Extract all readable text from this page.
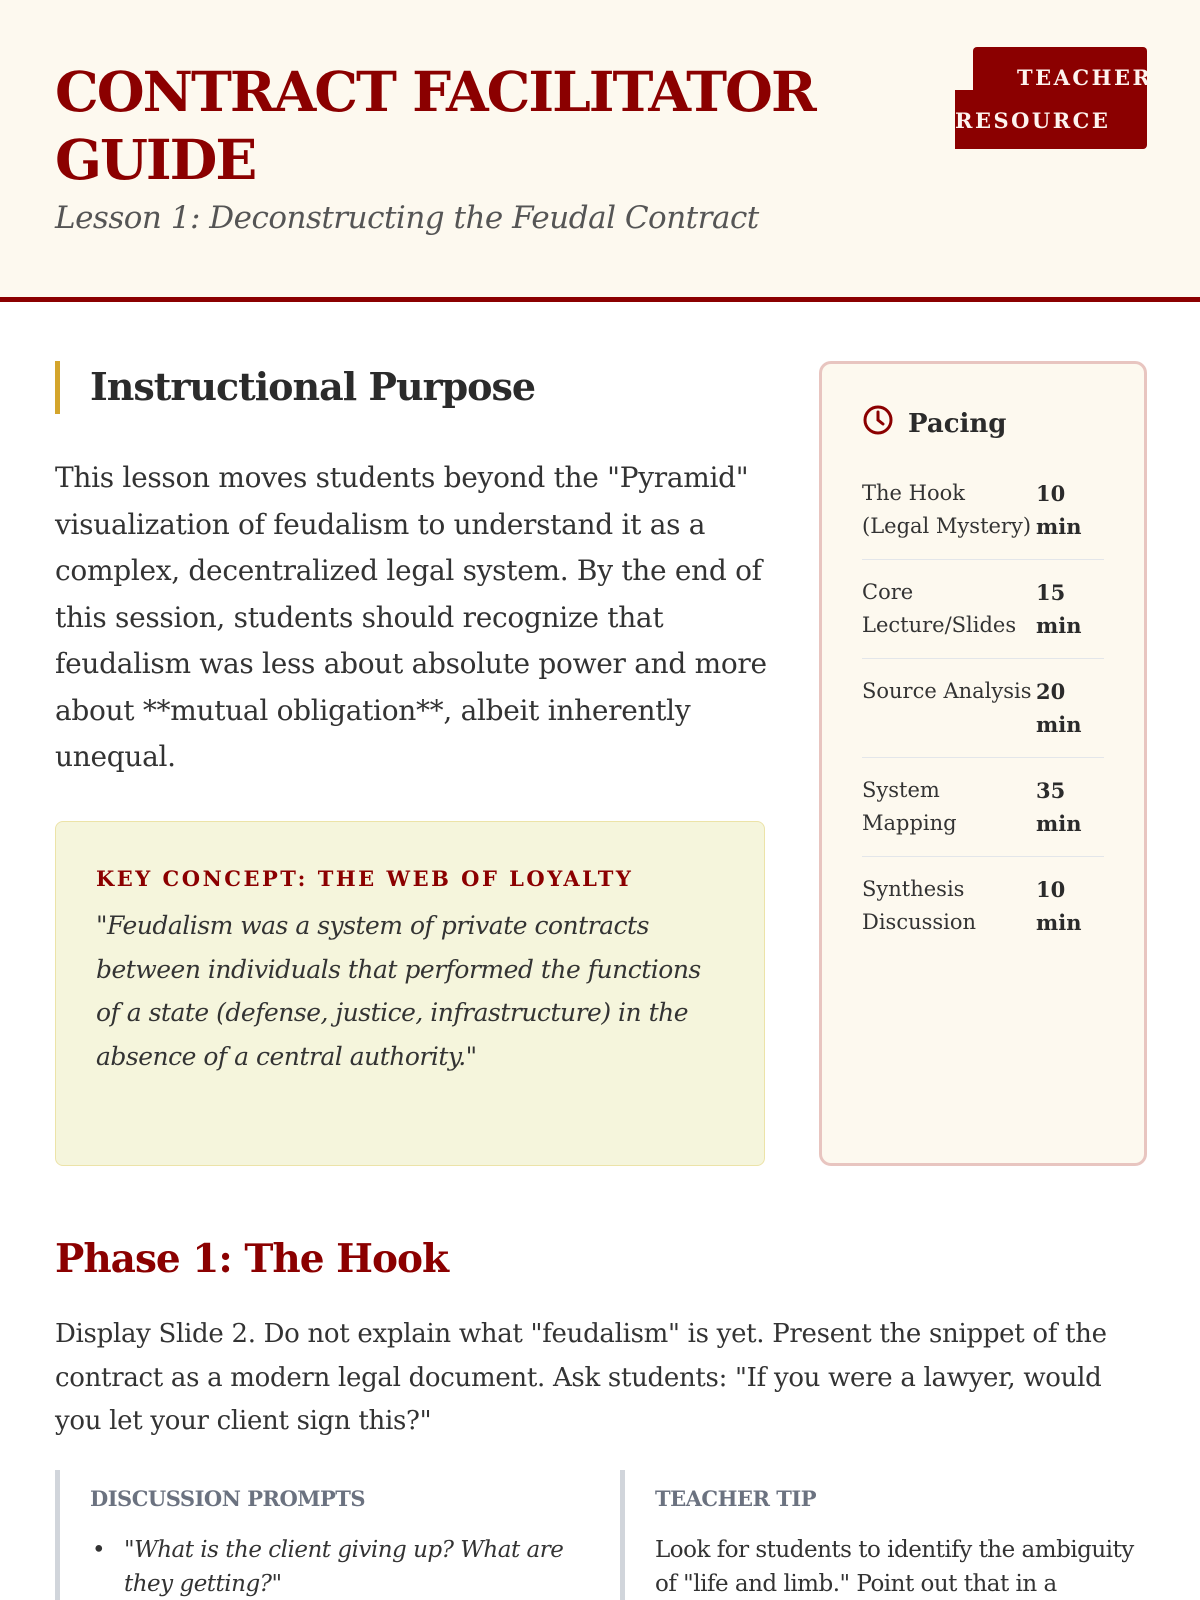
CONTRACT FACILITATOR GUIDE
Lesson 1: Deconstructing the Feudal Contract
TEACHER
RESOURCE
Instructional Purpose

This lesson moves students beyond the "Pyramid" visualization of feudalism to understand it as a complex, decentralized legal system. By the end of this session, students should recognize that feudalism was less about absolute power and more about **mutual obligation**, albeit inherently unequal.

KEY CONCEPT: THE WEB OF LOYALTY
"Feudalism was a system of private contracts between individuals that performed the functions of a state (defense, justice, infrastructure) in the absence of a central authority."
Pacing
The Hook (Legal Mystery)
10 min
Core Lecture/Slides
15 min
Source Analysis 20 min
System Mapping
35 min
Synthesis Discussion
10 min
Phase 1: The Hook

Display Slide 2. Do not explain what "feudalism" is yet. Present the snippet of the contract as a modern legal document. Ask students: "If you were a lawyer, would you let your client sign this?"

DISCUSSION PROMPTS
• "What is the client giving up? What are they getting?"
TEACHER TIP

Look for students to identify the ambiguity of "life and limb." Point out that in a
